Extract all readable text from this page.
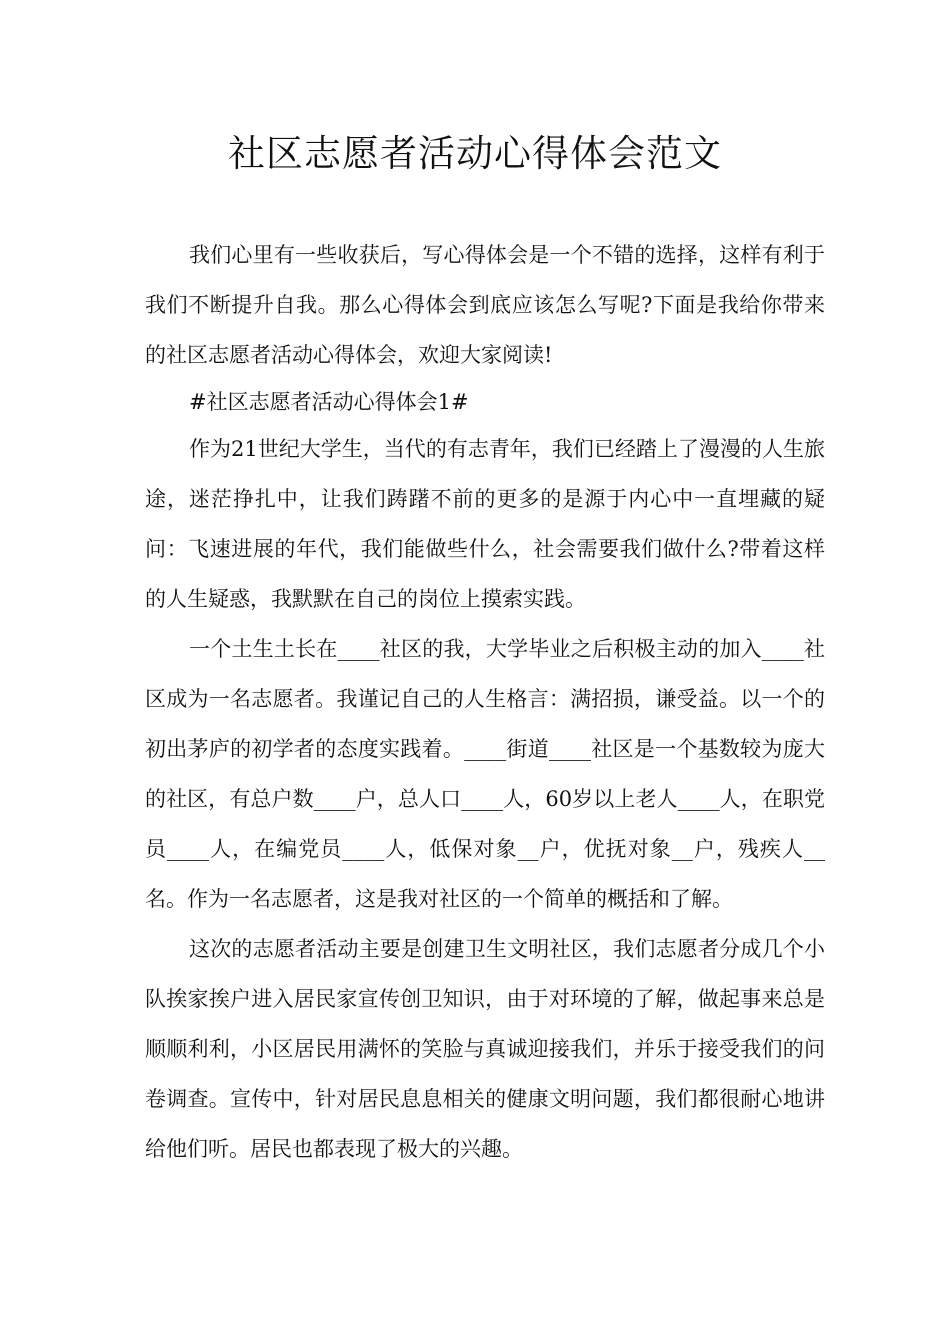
社区志愿者活动心得体会范文

我们心里有一些收获后，写心得体会是一个不错的选择，这样有利于我们不断提升自我。那么心得体会到底应该怎么写呢?下面是我给你带来的社区志愿者活动心得体会，欢迎大家阅读!

#社区志愿者活动心得体会1#

作为21世纪大学生，当代的有志青年，我们已经踏上了漫漫的人生旅途，迷茫挣扎中，让我们踌躇不前的更多的是源于内心中一直埋藏的疑问：飞速进展的年代，我们能做些什么，社会需要我们做什么?带着这样的人生疑惑，我默默在自己的岗位上摸索实践。

一个土生土长在____社区的我，大学毕业之后积极主动的加入____社区成为一名志愿者。我谨记自己的人生格言：满招损，谦受益。以一个的初出茅庐的初学者的态度实践着。____街道____社区是一个基数较为庞大的社区，有总户数____户，总人口____人，60岁以上老人____人，在职党员____人，在编党员____人，低保对象__户，优抚对象__户，残疾人__名。作为一名志愿者，这是我对社区的一个简单的概括和了解。

这次的志愿者活动主要是创建卫生文明社区，我们志愿者分成几个小队挨家挨户进入居民家宣传创卫知识，由于对环境的了解，做起事来总是顺顺利利，小区居民用满怀的笑脸与真诚迎接我们，并乐于接受我们的问卷调查。宣传中，针对居民息息相关的健康文明问题，我们都很耐心地讲给他们听。居民也都表现了极大的兴趣。
